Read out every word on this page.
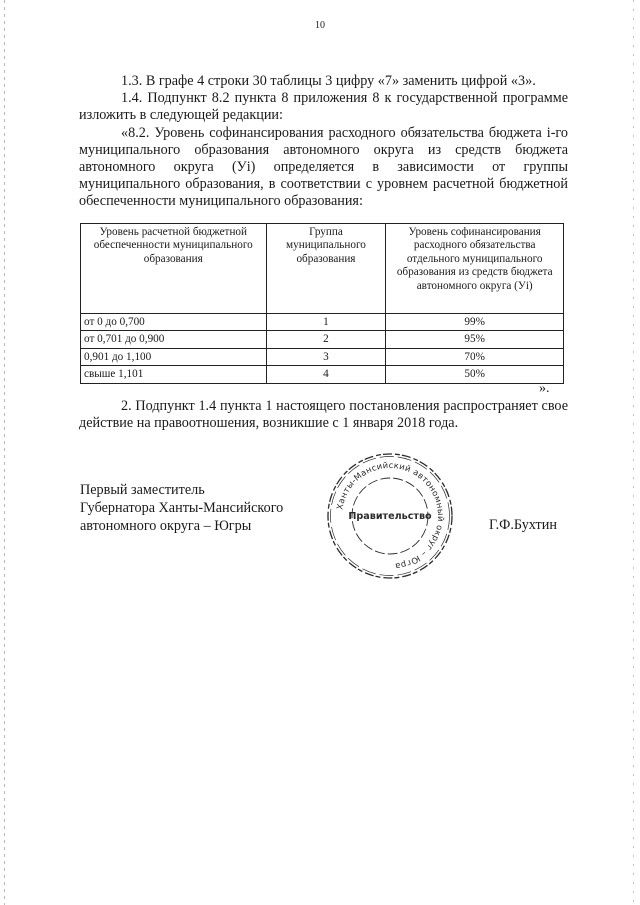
10

1.3. В графе 4 строки 30 таблицы 3 цифру «7» заменить цифрой «3».

1.4. Подпункт 8.2 пункта 8 приложения 8 к государственной программе изложить в следующей редакции:

«8.2. Уровень софинансирования расходного обязательства бюджета i-го муниципального образования автономного округа из средств бюджета автономного округа (Уi) определяется в зависимости от группы муниципального образования, в соответствии с уровнем расчетной бюджетной обеспеченности муниципального образования:

Уровень расчетной бюджетной обеспеченности муниципального образования	Группа муниципального образования	Уровень софинансирования расходного обязательства отдельного муниципального образования из средств бюджета автономного округа (Уi)
от 0 до 0,700	1	99%
от 0,701 до 0,900	2	95%
0,901 до 1,100	3	70%
свыше 1,101	4	50%
».

2. Подпункт 1.4 пункта 1 настоящего постановления распространяет свое действие на правоотношения, возникшие с 1 января 2018 года.

Первый заместитель
Губернатора Ханты-Мансийского
автономного округа – Югры
Ханты-Мансийский автономный округ – Югра
Правительство
Г.Ф.Бухтин
